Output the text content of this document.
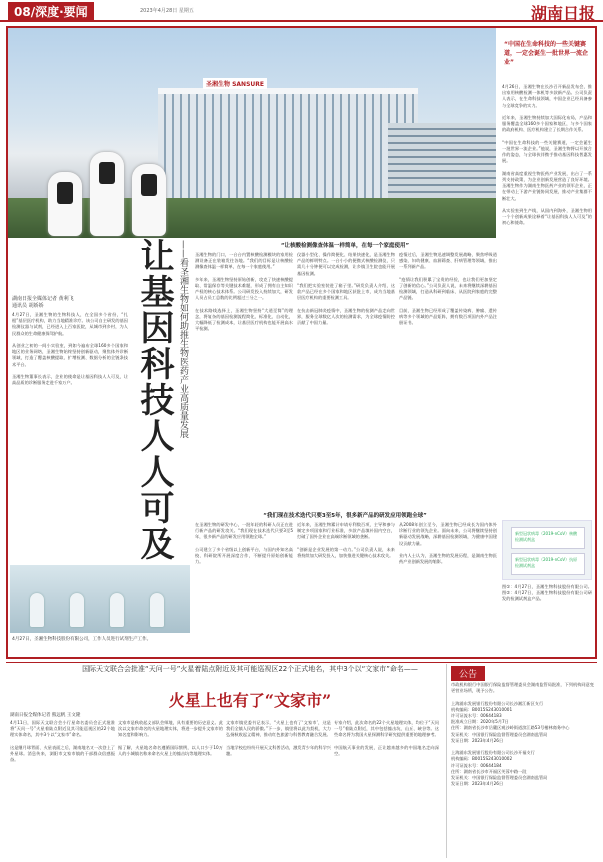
08/深度·要闻	2023年4月28日 星期五	湖南日报
圣湘生物 SANSURE
“中国在生命科技的一些关键赛道，一定会诞生一批世界一流企业”
让基因科技人人可及 ——看圣湘生物如何助推生物医药产业高质量发展
湖南日报全媒体记者 黄利飞
通讯员 胡娇娇
4月27日，圣湘生物的生物科技人，在全国多个省份，“扎根”基层医疗机构，助力当地精准诊疗。该公司自主研发的基因检测仪器与试剂，已经进入上百家医院，从城市到乡村，为人民群众的生命健康保驾护航。

从创业之初的一间小实验室，到如今遍布全球160多个国家和地区的业务网络，圣湘生物始终坚持创新驱动，聚焦体外诊断领域，打造了覆盖核酸提取、扩增检测、数据分析的全链条技术平台。

圣湘生物董事长表示，企业的使命是让基因科技人人可及，让高品质的诊断服务走进千家万户。
“让核酸检测像查体温一样简单，在每一个家庭使用”
圣湘生物的门口，一台台内置核酸检测模块的家用检测设备正在装箱发往各地。“我们的目标是让核酸检测像查体温一样简单，在每一个家庭使用。”

多年来，圣湘生物坚持原始创新，攻克了快速核酸提取、常温保存等关键技术难题，形成了拥有自主知识产权的核心技术体系。公司研发投入持续加大，研发人员占员工总数的比例超过三分之一。

在技术路线选择上，圣湘生物坚持“大道至简”的理念，将复杂的基因检测流程简化、标准化、自动化，大幅降低了检测成本，让基层医疗机构也能开展高水平检测。
仪器小型化、操作简便化、结果快速化，是圣湘生物产品的鲜明特点。一台小小的便携式核酸检测仪，只需几十分钟便可以完成检测，让乡镇卫生院也能开展基因检测。

“我们把实验室装进了箱子里。”研发负责人介绍，这款产品已经在多个国家和地区获批上市，成为当地基层医疗机构的重要检测工具。

在抗击新冠肺炎疫情中，圣湘生物的检测产品走向世界，服务全球数亿人次的检测需求，为全球疫情防控贡献了中国力量。
疫情过后，圣湘生物迅速调整发展战略，聚焦呼吸道感染、妇幼健康、血源筛查、肝病管理等领域，推出一系列新产品。

“疫情让我们积累了宝贵的经验，也让我们更加坚定了创新的信心。”公司负责人说，未来将继续深耕基因检测领域，打造从科研到临床、从医院到家庭的完整产品链。

目前，圣湘生物已经形成了覆盖传染病、肿瘤、遗传病等多个领域的产品矩阵，拥有数百项国内外产品注册证书。
4月26日，圣湘生物在长沙召开新品发布会，推出家用核酸检测一体机等多款新产品。公司负责人表示，在生命科技领域，中国企业已经具备参与全球竞争的实力。

近年来，圣湘生物持续加大国际化布局，产品和服务覆盖全球160多个国家和地区，与多个国家的政府机构、医疗机构建立了长期合作关系。

“中国在生命科技的一些关键赛道，一定会诞生一批世界一流企业。”他说，圣湘生物将以开放合作的姿态，与全球伙伴携手推动基因科技普惠发展。

湖南省高度重视生物医药产业发展，出台了一系列支持政策，为企业创新发展营造了良好环境。圣湘生物作为湖南生物医药产业的领军企业，正在带动上下游产业链协同发展，推动产业集群不断壮大。

从实验室到生产线，从国内到海外，圣湘生物用一个个创新成果诠释着“让基因科技人人可及”的初心和使命。
“我们现在技术迭代只要3至5年，很多新产品的研发应用领跑全球”
在圣湘生物的研发中心，一批年轻的科研人员正在进行新产品的研发攻关。“我们现在技术迭代只要3至5年，很多新产品的研发应用领跑全球。”

公司建立了多个省级以上创新平台，与国内外知名高校、科研院所开展深度合作，不断提升原始创新能力。
近年来，圣湘生物累计申请专利数百项，主导和参与制定多项国家和行业标准，多款产品填补国内空白，打破了国外企业在高端诊断领域的垄断。

“创新是企业发展的第一动力。”公司负责人说，未来将持续加大研发投入，加快推进关键核心技术攻关。
从2008年创立至今，圣湘生物已经成长为国内体外诊断行业的领先企业。面向未来，公司将继续坚持创新驱动发展战略，深耕基因检测领域，为健康中国建设贡献力量。

业内人士认为，圣湘生物的发展历程，是湖南生物医药产业创新发展的缩影。
4月27日，圣湘生物科技股份有限公司，工作人员进行试剂生产工作。
新型冠状病毒（2019-nCoV）核酸检测试剂盒
新型冠状病毒（2019-nCoV）抗原检测试剂盒
图①：4月27日，圣湘生物科技股份有限公司。图②：4月27日，圣湘生物科技股份有限公司研发的检测试剂盒产品。
国际天文联合会批准“天问一号”火星着陆点附近及其可能巡视区22个正式地名，其中3个以“文家市”命名——
火星上也有了“文家市”
湖南日报全媒体记者 熊远帆 王文隆
4月11日，国际天文联合会小行星命名委员会正式批准将“天问一号”火星着陆点附近及其可能巡视区的22个地理实体命名，其中3个以“文家市”命名。

这是继月球背面、火星表面之后，湖南地名又一次登上了外星球。消息传来，浏阳市文家市镇的干部群众倍感振奋。
文家市是秋收起义部队会师地，具有重要的历史意义。此次以文家市命名的火星地理实体，将进一步提升文家市的知名度和影响力。

据了解，火星地名命名遵循国际惯例，以人口少于10万人的小城镇名称来命名火星上的撞击坑等地理实体。
文家市镇党委书记表示，“火星上也有了‘文家市’，这是我们全镇人民的骄傲。”下一步，镇里将以此为契机，大力弘扬秋收起义精神，推动红色旅游与科普教育融合发展。

当地学校也纷纷开展天文科普活动，激发青少年的科学兴趣。
专家介绍，此次命名的22个火星地理实体，均位于“天问一号”着陆点附近，其中包括撞击坑、山丘、峡谷等。这些命名将为我国火星探测科学研究提供重要的地理参考。

中国航天事业的发展，正让越来越多的中国地名走向深空。
公告
市政机构银行中国银行保险监督管理委员会湖南监管局批准，下列机构同意变更营业场所，现予公告。

上海浦东发展银行股份有限公司长沙湘江新区支行
机构编码：B0015S243010001
许可证流水号：00644183
批准成立日期：2020年5月7日
住所：湖南省长沙市岳麓区观沙岭街道滨江路53号楷林商务中心
发证机关：中国银行保险监督管理委员会湖南监管局
发证日期：2023年4月26日

上海浦东发展银行股份有限公司长沙开福支行
机构编码：B0015S243010002
许可证流水号：00644184
住所：湖南省长沙市开福区芙蓉中路一段
发证机关：中国银行保险监督管理委员会湖南监管局
发证日期：2023年4月26日
